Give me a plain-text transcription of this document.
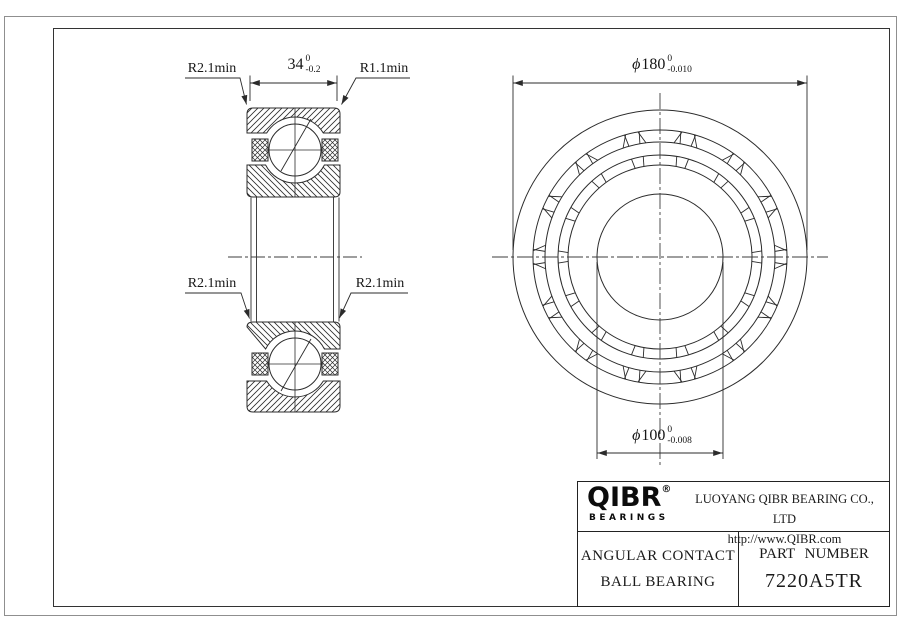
R2.1min	R1.1min
R2.1min	R2.1min
34 0
-0.2	ϕ 180 0
-0.010
ϕ 100 0
-0.008
QIBR®
BEARINGS
LUOYANG QIBR BEARING CO., LTD
http://www.QIBR.com
ANGULAR CONTACT
BALL BEARING
PART NUMBER
7220A5TR
